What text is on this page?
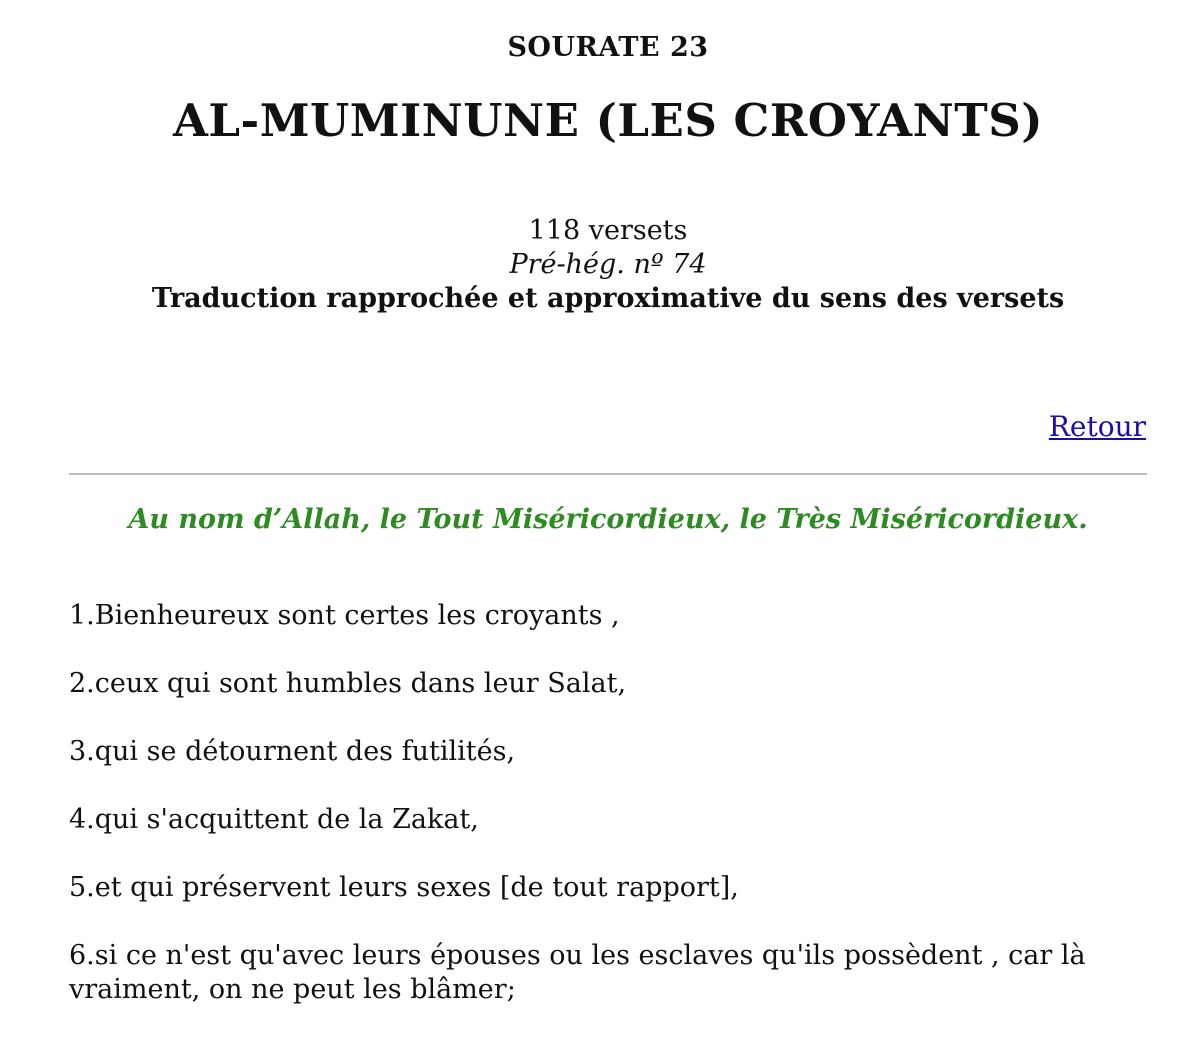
SOURATE 23
AL-MUMINUNE (LES CROYANTS)
118 versets
Pré-hég. nº 74
Traduction rapprochée et approximative du sens des versets
Retour
Au nom d’Allah, le Tout Miséricordieux, le Très Miséricordieux.
1.Bienheureux sont certes les croyants ,
2.ceux qui sont humbles dans leur Salat,
3.qui se détournent des futilités,
4.qui s'acquittent de la Zakat,
5.et qui préservent leurs sexes [de tout rapport],
6.si ce n'est qu'avec leurs épouses ou les esclaves qu'ils possèdent , car là vraiment, on ne peut les blâmer;
